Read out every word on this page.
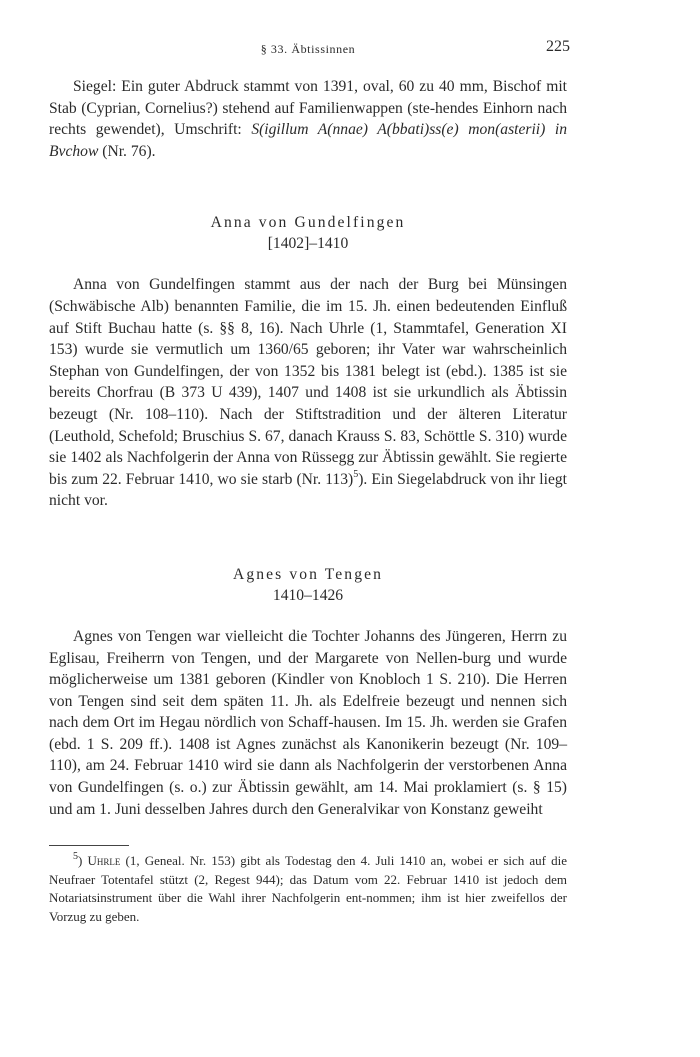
§ 33. Äbtissinnen	225

Siegel: Ein guter Abdruck stammt von 1391, oval, 60 zu 40 mm, Bischof mit Stab (Cyprian, Cornelius?) stehend auf Familienwappen (ste-hendes Einhorn nach rechts gewendet), Umschrift: S(igillum A(nnae) A(bbati)ss(e) mon(asterii) in Bvchow (Nr. 76).

Anna von Gundelfingen
[1402]–1410

Anna von Gundelfingen stammt aus der nach der Burg bei Münsingen (Schwäbische Alb) benannten Familie, die im 15. Jh. einen bedeutenden Einfluß auf Stift Buchau hatte (s. §§ 8, 16). Nach Uhrle (1, Stammtafel, Generation XI 153) wurde sie vermutlich um 1360/65 geboren; ihr Vater war wahrscheinlich Stephan von Gundelfingen, der von 1352 bis 1381 belegt ist (ebd.). 1385 ist sie bereits Chorfrau (B 373 U 439), 1407 und 1408 ist sie urkundlich als Äbtissin bezeugt (Nr. 108–110). Nach der Stiftstradition und der älteren Literatur (Leuthold, Schefold; Bruschius S. 67, danach Krauss S. 83, Schöttle S. 310) wurde sie 1402 als Nachfolgerin der Anna von Rüssegg zur Äbtissin gewählt. Sie regierte bis zum 22. Februar 1410, wo sie starb (Nr. 113)$^5$). Ein Siegelabdruck von ihr liegt nicht vor.

Agnes von Tengen
1410–1426

Agnes von Tengen war vielleicht die Tochter Johanns des Jüngeren, Herrn zu Eglisau, Freiherrn von Tengen, und der Margarete von Nellen-burg und wurde möglicherweise um 1381 geboren (Kindler von Knobloch 1 S. 210). Die Herren von Tengen sind seit dem späten 11. Jh. als Edelfreie bezeugt und nennen sich nach dem Ort im Hegau nördlich von Schaff-hausen. Im 15. Jh. werden sie Grafen (ebd. 1 S. 209 ff.). 1408 ist Agnes zunächst als Kanonikerin bezeugt (Nr. 109–110), am 24. Februar 1410 wird sie dann als Nachfolgerin der verstorbenen Anna von Gundelfingen (s. o.) zur Äbtissin gewählt, am 14. Mai proklamiert (s. § 15) und am 1. Juni desselben Jahres durch den Generalvikar von Konstanz geweiht

$^5$) Uhrle (1, Geneal. Nr. 153) gibt als Todestag den 4. Juli 1410 an, wobei er sich auf die Neufraer Totentafel stützt (2, Regest 944); das Datum vom 22. Februar 1410 ist jedoch dem Notariatsinstrument über die Wahl ihrer Nachfolgerin ent-nommen; ihm ist hier zweifellos der Vorzug zu geben.
